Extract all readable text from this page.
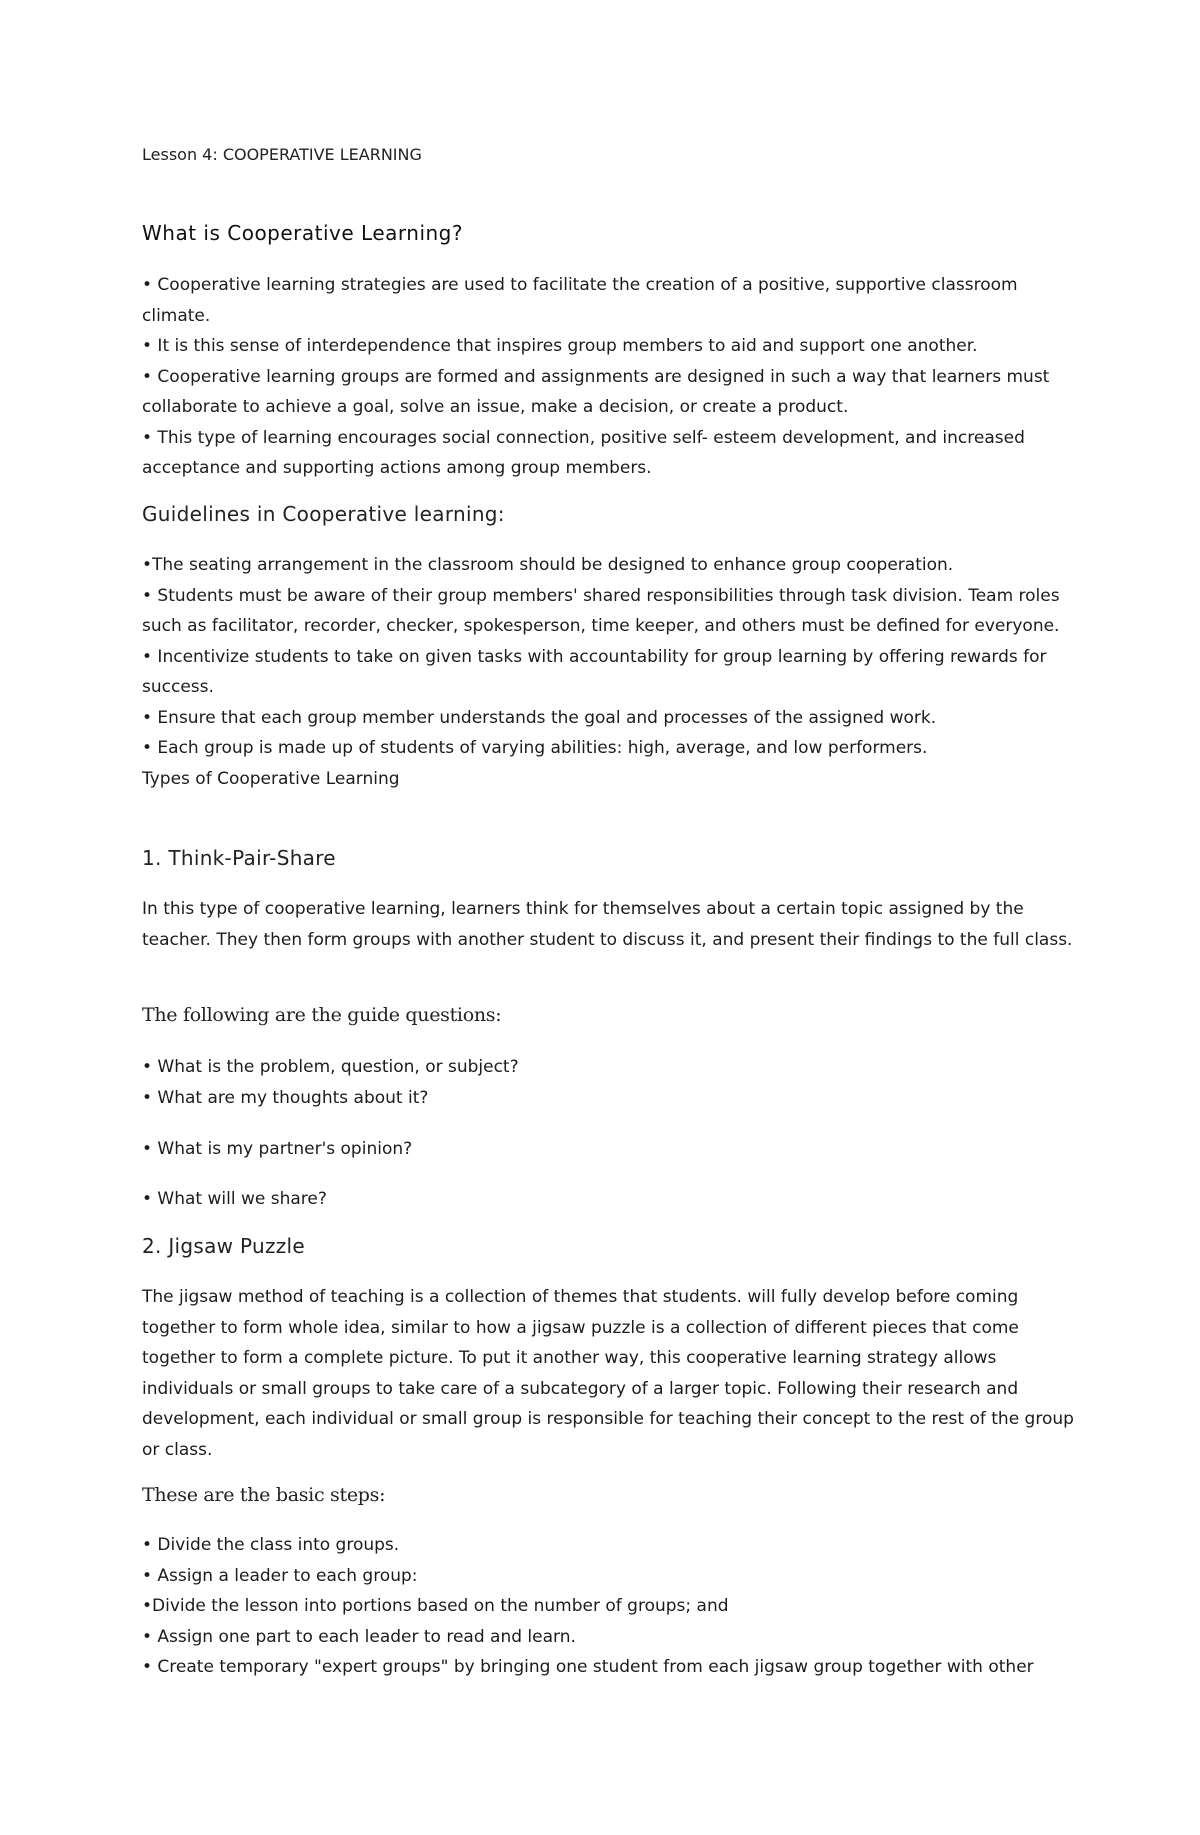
Lesson 4: COOPERATIVE LEARNING
What is Cooperative Learning?

• Cooperative learning strategies are used to facilitate the creation of a positive, supportive classroom climate.

• It is this sense of interdependence that inspires group members to aid and support one another.

• Cooperative learning groups are formed and assignments are designed in such a way that learners must collaborate to achieve a goal, solve an issue, make a decision, or create a product.

• This type of learning encourages social connection, positive self- esteem development, and increased acceptance and supporting actions among group members.

Guidelines in Cooperative learning:

•The seating arrangement in the classroom should be designed to enhance group cooperation.

• Students must be aware of their group members' shared responsibilities through task division. Team roles such as facilitator, recorder, checker, spokesperson, time keeper, and others must be defined for everyone.

• Incentivize students to take on given tasks with accountability for group learning by offering rewards for success.

• Ensure that each group member understands the goal and processes of the assigned work.

• Each group is made up of students of varying abilities: high, average, and low performers.

Types of Cooperative Learning

1. Think-Pair-Share

In this type of cooperative learning, learners think for themselves about a certain topic assigned by the teacher. They then form groups with another student to discuss it, and present their findings to the full class.

The following are the guide questions:

• What is the problem, question, or subject?

• What are my thoughts about it?

• What is my partner's opinion?

• What will we share?

2. Jigsaw Puzzle

The jigsaw method of teaching is a collection of themes that students. will fully develop before coming together to form whole idea, similar to how a jigsaw puzzle is a collection of different pieces that come together to form a complete picture. To put it another way, this cooperative learning strategy allows individuals or small groups to take care of a subcategory of a larger topic. Following their research and development, each individual or small group is responsible for teaching their concept to the rest of the group or class.

These are the basic steps:

• Divide the class into groups.

• Assign a leader to each group:

•Divide the lesson into portions based on the number of groups; and

• Assign one part to each leader to read and learn.

• Create temporary "expert groups" by bringing one student from each jigsaw group together with other
